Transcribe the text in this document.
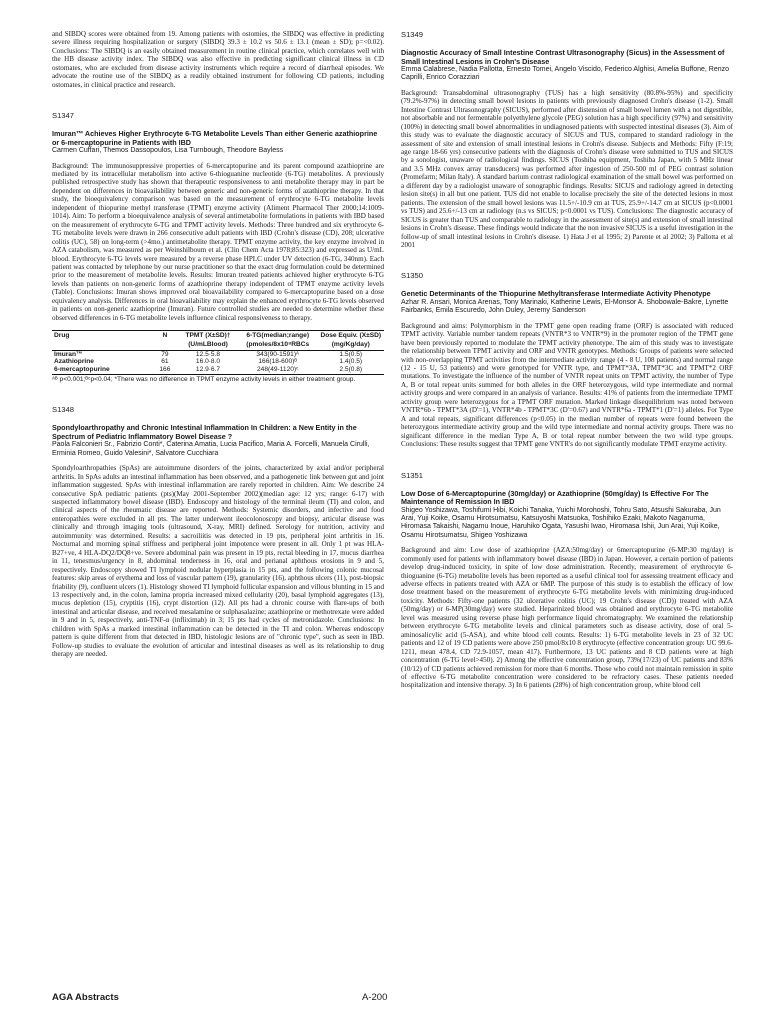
and SIBDQ scores were obtained from 19. Among patients with ostomies, the SIBDQ was effective in predicting severe illness requiring hospitalization or surgery (SIBDQ 39.3 ± 10.2 vs 50.6 ± 13.1 (mean ± SD); p=<0.02). Conclusions: The SIBDQ is an easily obtained measurement in routine clinical practice, which correlates well with the HB disease activity index. The SIBDQ was also effective in predicting significant clinical illness in CD ostomates, who are excluded from disease activity instruments which require a record of diarrheal episodes. We advocate the routine use of the SIBDQ as a readily obtained instrument for following CD patients, including ostomates, in clinical practice and research.

S1347
Imuran™ Achieves Higher Erythrocyte 6-TG Metabolite Levels Than either Generic azathioprine or 6-mercaptopurine in Patients with IBD
Carmen Cuffari, Themos Dassopoulos, Lisa Turnbough, Theodore Bayless

Background: The immunosuppressive properties of 6-mercaptopurine and its parent compound azathioprine are mediated by its intracellular metabolism into active 6-thioguanine nucleotide (6-TG) metabolites. A previously published retrospective study has shown that therapeutic responsiveness to anti metabolite therapy may in part be dependent on differences in bioavailability between generic and non-generic forms of azathioprine therapy. In that study, the bioequivalency comparison was based on the measurement of erythrocyte 6-TG metabolite levels independent of thiopurine methyl transferase (TPMT) enzyme activity (Aliment Pharmacol Ther 2000;14:1009-1014). Aim: To perform a bioequivalence analysis of several antimetabolite formulations in patients with IBD based on the measurement of erythrocyte 6-TG and TPMT activity levels. Methods: Three hundred and six erythrocyte 6-TG metabolite levels were drawn in 266 consecutive adult patients with IBD (Crohn's disease (CD), 208; ulcerative colitis (UC), 58) on long-term (>4mo.) antimetabolite therapy. TPMT enzyme activity, the key enzyme involved in AZA catabolism, was measured as per Weinshilboum et al. (Clin Chem Acta 1978;85:323) and expressed as U/mL blood. Erythrocyte 6-TG levels were measured by a reverse phase HPLC under UV detection (6-TG, 340nm). Each patient was contacted by telephone by our nurse practitioner so that the exact drug formulation could be determined prior to the measurement of metabolite levels. Results: Imuran treated patients achieved higher erythrocyte 6-TG levels than patients on non-generic forms of azathioprine therapy independent of TPMT enzyme activity levels (Table). Conclusions: Imuran shows improved oral bioavailability compared to 6-mercaptopurine based on a dose equivalency analysis. Differences in oral bioavailability may explain the enhanced erythrocyte 6-TG levels observed in patients on non-generic azathioprine (Imuran). Future controlled studies are needed to determine whether these observed differences in 6-TG metabolite levels influence clinical responsiveness to therapy.

Drug	N	TPMT (X±SD)†	6-TG(median;range)	Dose Equiv. (X±SD)
		(U/mLBlood)	(pmoles/8x10⁸RBCs	(mg/Kg/day)
Imuran™	79	12.5·5.8	343(90-1591)ᴬ	1.5(0.5)
Azathioprine	61	16.0·8.0	166(18-600)ᴮ	1.4(0.5)
6-mercaptopurine	166	12.9·6.7	248(49-1120)ᶜ	2.5(0.8)
ᴬᴮ p<0.001;ᴮᶜp<0.04; *There was no difference in TPMT enzyme activity levels in either treatment group.
S1348
Spondyloarthropathy and Chronic Intestinal Inflammation In Children: a New Entity in the Spectrum of Pediatric Inflammatory Bowel Disease ?
Paola Falconieri Sr., Fabrizio Conti*, Caterina Amatia, Lucia Pacifico, Maria A. Forcelli, Manuela Cirulli, Erminia Romeo, Guido Valesini*, Salvatore Cucchiara

Spondyloarthropathies (SpAs) are autoimmune disorders of the joints, characterized by axial and/or peripheral arthritis. In SpAs adults an intestinal inflammation has been observed, and a pathogenetic link between gut and joint inflammation suggested. SpAs with intestinal inflammation are rarely reported in children. Aim: We describe 24 consecutive SpA pediatric patients (pts)(May 2001-September 2002)(median age: 12 yrs; range: 6-17) with suspected inflammatory bowel disease (IBD). Endoscopy and histology of the terminal ileum (TI) and colon, and clinical aspects of the rheumatic disease are reported. Methods: Systemic disorders, and infective and food enteropathies were excluded in all pts. The latter underwent ileocolonoscopy and biopsy, articular disease was clinically and through imaging tools (ultrasound, X-ray, MRI) defined. Serology for nutrition, activity and autoimmunity was determined. Results: a sacroiliitis was detected in 19 pts, peripheral joint arthritis in 16. Nocturnal and morning spinal stiffness and peripheral joint impotence were present in all. Only 1 pt was HLA-B27+ve, 4 HLA-DQ2/DQ8+ve. Severe abdominal pain was present in 19 pts, rectal bleeding in 17, mucus diarrhea in 11, tenesmus/urgency in 8, abdominal tenderness in 16, oral and perianal aphthous erosions in 9 and 5, respectively. Endoscopy showed TI lymphoid nodular hyperplasia in 15 pts, and the following colonic mucosal features: skip areas of erythema and loss of vascular pattern (19), granularity (16), aphthous ulcers (11), post-biopsic friability (9), confluent ulcers (1). Histology showed TI lymphoid follicular expansion and villous blunting in 15 and 13 respectively and, in the colon, lamina propria increased mixed cellularity (20), basal lymphoid aggregates (13), mucus depletion (15), cryptitis (16), crypt distortion (12). All pts had a chronic course with flare-ups of both intestinal and articular disease, and received mesalamine or sulphasalazine; azathioprine or methotrexate were added in 9 and in 5, respectively, anti-TNF-α (infliximab) in 3; 15 pts had cycles of metronidazole. Conclusions: In children with SpAs a marked intestinal inflammation can be detected in the TI and colon. Whereas endoscopy pattern is quite different from that detected in IBD, histologic lesions are of "chronic type", such as seen in IBD. Follow-up studies to evaluate the evolution of articular and intestinal diseases as well as its relationship to drug therapy are needed.

S1349
Diagnostic Accuracy of Small Intestine Contrast Ultrasonography (Sicus) in the Assessment of Small Intestinal Lesions in Crohn's Disease
Emma Calabrese, Nadia Pallotta, Ernesto Tomei, Angelo Viscido, Federico Alghisi, Amelia Buffone, Renzo Caprilli, Enrico Corazziari

Background: Transabdominal ultrasonography (TUS) has a high sensitivity (80.8%-95%) and specificity (79.2%-97%) in detecting small bowel lesions in patients with previously diagnosed Crohn's disease (1-2). Small Intestine Contrast Ultrasonography (SICUS), performed after distension of small bowel lumen with a not digestible, not absorbable and not fermentable polyethylene glycole (PEG) solution has a high specificity (97%) and sensitivity (100%) in detecting small bowel abnormalities in undiagnosed patients with suspected intestinal diseases (3). Aim of this study was to evaluate the diagnostic accuracy of SICUS and TUS, compared to standard radiology in the assessment of site and extension of small intestinal lesions in Crohn's disease. Subjects and Methods: Fifty (F:19; age range 18-66 yrs) consecutive patients with the diagnosis of Crohn's disease were submitted to TUS and SICUS by a sonologist, unaware of radiological findings. SICUS (Toshiba equipment, Toshiba Japan, with 5 MHz linear and 3.5 MHz convex array transducers) was performed after ingestion of 250-500 ml of PEG contrast solution (Promefarm; Milan Italy). A standard barium contrast radiological examination of the small bowel was performed on a different day by a radiologist unaware of sonographic findings. Results: SICUS and radiology agreed in detecting lesion site(s) in all but one patient. TUS did not enable to localise precisely the site of the detected lesions in most patients. The extension of the small bowel lesions was 11.5+/-10.9 cm at TUS, 25.9+/-14.7 cm at SICUS (p<0.0001 vs TUS) and 25.6+/-13 cm at radiology (n.s vs SICUS; p<0.0001 vs TUS). Conclusions: The diagnostic accuracy of SICUS is greater than TUS and comparable to radiology in the assessment of site(s) and extension of small intestinal lesions in Crohn's disease. These findings would indicate that the non invasive SICUS is a useful investigation in the follow-up of small intestinal lesions in Crohn's disease. 1) Hata J et al 1995; 2) Parente et al 2002; 3) Pallotta et al 2001

S1350
Genetic Determinants of the Thiopurine Methyltransferase Intermediate Activity Phenotype
Azhar R. Ansari, Monica Arenas, Tony Marinaki, Katherine Lewis, El-Monsor A. Shobowale-Bakre, Lynette Fairbanks, Emila Escuredo, John Duley, Jeremy Sanderson

Background and aims: Polymorphism in the TPMT gene open reading frame (ORF) is associated with reduced TPMT activity. Variable number tandem repeats (VNTR*3 to VNTR*9) in the promoter region of the TPMT gene have been previously reported to modulate the TPMT activity phenotype. The aim of this study was to investigate the relationship between TPMT activity and ORF and VNTR genotypes. Methods: Groups of patients were selected with non-overlapping TPMT activities from the intermediate activity range (4 - 8 U, 108 patients) and normal range (12 - 15 U, 53 patients) and were genotyped for VNTR type, and TPMT*3A, TPMT*3C and TPMT*2 ORF mutations. To investigate the influence of the number of VNTR repeat units on TPMT activity, the number of Type A, B or total repeat units summed for both alleles in the ORF heterozygous, wild type intermediate and normal activity groups and were compared in an analysis of variance. Results: 41% of patients from the intermediate TPMT activity group were heterozygous for a TPMT ORF mutation. Marked linkage disequilibrium was noted between VNTR*6b - TPMT*3A (D'=1), VNTR*4b - TPMT*3C (D'=0.67) and VNTR*6a - TPMT*1 (D'=1) alleles. For Type A and total repeats, significant differences (p<0.05) in the median number of repeats were found between the heterozygous intermediate activity group and the wild type intermediate and normal activity groups. There was no significant difference in the median Type A, B or total repeat number between the two wild type groups. Conclusions: These results suggest that TPMT gene VNTR's do not significantly modulate TPMT enzyme activity.

S1351
Low Dose of 6-Mercaptopurine (30mg/day) or Azathioprine (50mg/day) Is Effective For The Maintenance of Remission In IBD
Shigeo Yoshizawa, Toshifumi Hibi, Koichi Tanaka, Yuichi Morohoshi, Tohru Sato, Atsushi Sakuraba, Jun Arai, Yuji Koike, Osamu Hirotsumatsu, Katsuyoshi Matsuoka, Toshihiko Ezaki, Makoto Naganuma, Hiromasa Takaishi, Nagamu Inoue, Haruhiko Ogata, Yasushi Iwao, Hiromasa Ishii, Jun Arai, Yuji Koike, Osamu Hirotsumatsu, Shigeo Yoshizawa

Background and aim: Low dose of azathioprine (AZA:50mg/day) or 6mercaptopurine (6-MP:30 mg/day) is commonly used for patients with inflammatory bowel disease (IBD) in Japan. However, a certain portion of patients develop drug-induced toxicity, in spite of low dose administration. Recently, measurement of erythrocyte 6-thioguanine (6-TG) metabolite levels has been reported as a useful clinical tool for assessing treatment efficacy and adverse effects in patients treated with AZA or 6MP. The purpose of this study is to establish the efficacy of low dose treatment based on the measurement of erythrocyte 6-TG metabolite levels with minimizing drug-induced toxicity. Methods: Fifty-one patients (32 ulcerative colitis (UC); 19 Crohn's disease (CD)) treated with AZA (50mg/day) or 6-MP(30mg/day) were studied. Heparinized blood was obtained and erythrocyte 6-TG metabolite level was measured using reverse phase high performance liquid chromatography. We examined the relationship between erythrocyte 6-TG metabolite levels and clinical parameters such as disease activity, dose of oral 5-aminosalicylic acid (5-ASA), and white blood cell counts. Results: 1) 6-TG metabolite levels in 23 of 32 UC patients and 12 of 19 CD patients were above 250 pmol/8x10 8 erythrocyte (effective concentration group: UC 99.6-1211, mean 478.4, CD 72.9-1057, mean 417). Furthermore, 13 UC patients and 8 CD patients were at high concentration (6-TG level>450). 2) Among the effective concentration group, 73%(17/23) of UC patients and 83%(10/12) of CD patients achieved remission for more than 6 months. Those who could not maintain remission in spite of effective 6-TG metabolite concentration were considered to be refractory cases. These patients needed hospitalization and intensive therapy. 3) In 6 patients (28%) of high concentration group, white blood cell

AGA Abstracts	A-200
